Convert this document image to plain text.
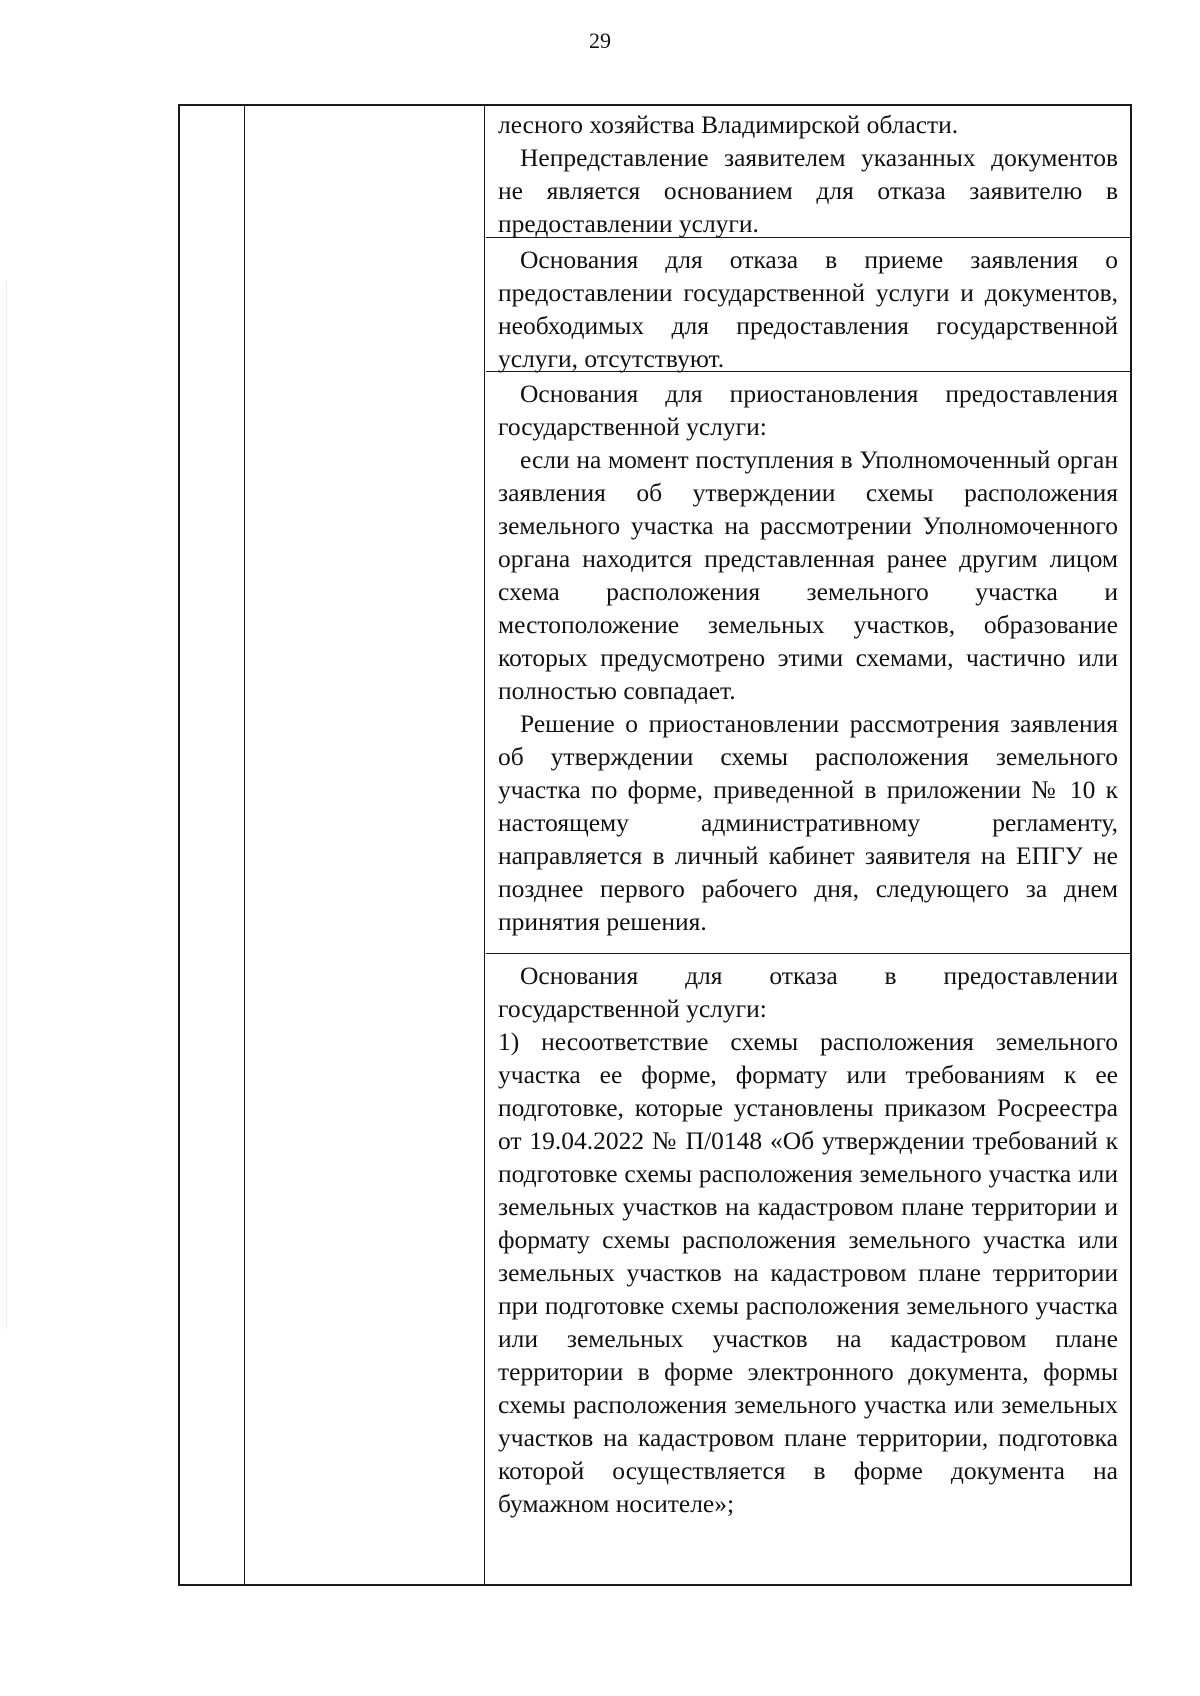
29

лесного хозяйства Владимирской области.

Непредставление заявителем указанных документов не является основанием для отказа заявителю в предоставлении услуги.

Основания для отказа в приеме заявления о предоставлении государственной услуги и документов, необходимых для предоставления государственной услуги, отсутствуют.

Основания для приостановления предоставления государственной услуги:

если на момент поступления в Уполномоченный орган заявления об утверждении схемы расположения земельного участка на рассмотрении Уполномоченного органа находится представленная ранее другим лицом схема расположения земельного участка и местоположение земельных участков, образование которых предусмотрено этими схемами, частично или полностью совпадает.

Решение о приостановлении рассмотрения заявления об утверждении схемы расположения земельного участка по форме, приведенной в приложении № 10 к настоящему административному регламенту, направляется в личный кабинет заявителя на ЕПГУ не позднее первого рабочего дня, следующего за днем принятия решения.

Основания для отказа в предоставлении государственной услуги:

1) несоответствие схемы расположения земельного участка ее форме, формату или требованиям к ее подготовке, которые установлены приказом Росреестра от 19.04.2022 № П/0148 «Об утверждении требований к подготовке схемы расположения земельного участка или земельных участков на кадастровом плане территории и формату схемы расположения земельного участка или земельных участков на кадастровом плане территории при подготовке схемы расположения земельного участка или земельных участков на кадастровом плане территории в форме электронного документа, формы схемы расположения земельного участка или земельных участков на кадастровом плане территории, подготовка которой осуществляется в форме документа на бумажном носителе»;
